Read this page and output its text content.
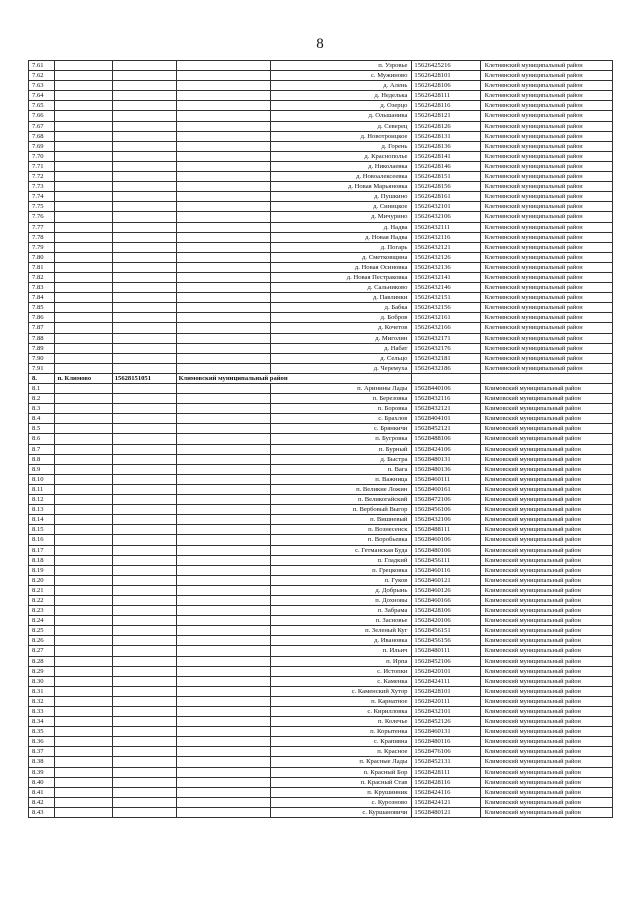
8
7.61				п. Узровье	15626425216	Клетнянский муниципальный район
7.62				с. Мужиново	15626428101	Клетнянский муниципальный район
7.63				д. Алень	15626428106	Клетнянский муниципальный район
7.64				д. Неделька	15626428111	Клетнянский муниципальный район
7.65				д. Озерцо	15626428116	Клетнянский муниципальный район
7.66				д. Ольшаника	15626428121	Клетнянский муниципальный район
7.67				д. Северец	15626428126	Клетнянский муниципальный район
7.68				д. Новотроицкое	15626428131	Клетнянский муниципальный район
7.69				д. Горень	15626428136	Клетнянский муниципальный район
7.70				д. Краснополье	15626428141	Клетнянский муниципальный район
7.71				д. Николаевка	15626428146	Клетнянский муниципальный район
7.72				д. Новоалексеевка	15626428151	Клетнянский муниципальный район
7.73				д. Новая Марьяновка	15626428156	Клетнянский муниципальный район
7.74				д. Пушкино	15626428161	Клетнянский муниципальный район
7.75				д. Синицкое	15626432101	Клетнянский муниципальный район
7.76				д. Мичурино	15626432106	Клетнянский муниципальный район
7.77				д. Надва	15626432111	Клетнянский муниципальный район
7.78				д. Новая Надва	15626432116	Клетнянский муниципальный район
7.79				д. Погарь	15626432121	Клетнянский муниципальный район
7.80				д. Сметковщина	15626432126	Клетнянский муниципальный район
7.81				д. Новая Осиновка	15626432136	Клетнянский муниципальный район
7.82				д. Новая Пестраковка	15626432141	Клетнянский муниципальный район
7.83				д. Сальниково	15626432146	Клетнянский муниципальный район
7.84				д. Павлинки	15626432151	Клетнянский муниципальный район
7.85				д. Бабка	15626432156	Клетнянский муниципальный район
7.86				д. Бобров	15626432161	Клетнянский муниципальный район
7.87				д. Кочетов	15626432166	Клетнянский муниципальный район
7.88				д. Миголин	15626432171	Клетнянский муниципальный район
7.89				д. Набат	15626432176	Клетнянский муниципальный район
7.90				д. Сельцо	15626432181	Клетнянский муниципальный район
7.91				д. Черемуха	15626432186	Клетнянский муниципальный район
8.	п. Климово	15628151051	Климовский муниципальный район			
8.1				п. Аринины Лады	15628440106	Климовский муниципальный район
8.2				п. Березовка	15628432116	Климовский муниципальный район
8.3				п. Боровка	15628432121	Климовский муниципальный район
8.4				с. Брахлов	15628404101	Климовский муниципальный район
8.5				с. Брянкичи	15628452121	Климовский муниципальный район
8.6				п. Бугровка	15628488106	Климовский муниципальный район
8.7				п. Бурный	15628424106	Климовский муниципальный район
8.8				д. Быстра	15628480131	Климовский муниципальный район
8.9				п. Вага	15628480136	Климовский муниципальный район
8.10				п. Важница	15628460111	Климовский муниципальный район
8.11				п. Великие Ложин	15628460161	Климовский муниципальный район
8.12				п. Великогайский	15628472106	Климовский муниципальный район
8.13				п. Вербовый Выгор	15628456106	Климовский муниципальный район
8.14				п. Вишневый	15628432106	Климовский муниципальный район
8.15				п. Вознесенск	15628488111	Климовский муниципальный район
8.16				п. Воробьевка	15628460106	Климовский муниципальный район
8.17				с. Гетманская Буда	15628480106	Климовский муниципальный район
8.18				п. Гладкий	15628456111	Климовский муниципальный район
8.19				п. Грецковка	15628460116	Климовский муниципальный район
8.20				п. Гуков	15628460121	Климовский муниципальный район
8.21				д. Добрынь	15628460126	Климовский муниципальный район
8.22				п. Дохновы	15628460166	Климовский муниципальный район
8.23				п. Забрама	15628428106	Климовский муниципальный район
8.24				п. Засновье	15628420106	Климовский муниципальный район
8.25				п. Зеленый Куг	15628456151	Климовский муниципальный район
8.26				д. Ивановка	15628456156	Климовский муниципальный район
8.27				п. Ильич	15628480111	Климовский муниципальный район
8.28				п. Ирпа	15628452106	Климовский муниципальный район
8.29				с. Истопки	15628420101	Климовский муниципальный район
8.30				с. Каменка	15628424111	Климовский муниципальный район
8.31				с. Каменский Хутор	15628428101	Климовский муниципальный район
8.32				п. Карнатное	15628420111	Климовский муниципальный район
8.33				с. Кирилловка	15628432101	Климовский муниципальный район
8.34				п. Колечье	15628452126	Климовский муниципальный район
8.35				п. Корытенка	15628460131	Климовский муниципальный район
8.36				с. Крапивна	15628480116	Климовский муниципальный район
8.37				п. Красное	15628476106	Климовский муниципальный район
8.38				п. Красные Лады	15628452131	Климовский муниципальный район
8.39				п. Красный Бор	15628428111	Климовский муниципальный район
8.40				п. Красный Став	15628428116	Климовский муниципальный район
8.41				п. Крушинник	15628424116	Климовский муниципальный район
8.42				с. Курозново	15628424121	Климовский муниципальный район
8.43				с. Куршановичи	15628480121	Климовский муниципальный район
